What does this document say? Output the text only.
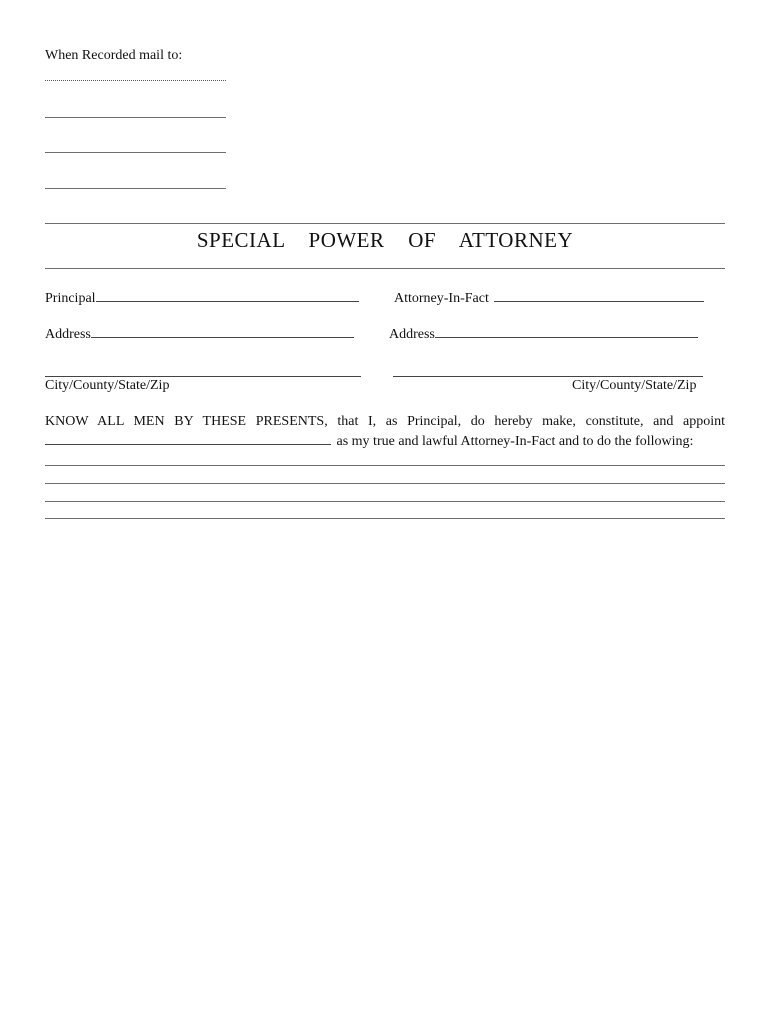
When Recorded mail to:
SPECIAL POWER OF ATTORNEY
Principal	Attorney-In-Fact
Address	Address
City/County/State/Zip	City/County/State/Zip
KNOW ALL MEN BY THESE PRESENTS, that I, as Principal, do hereby make, constitute, and appoint
as my true and lawful Attorney-In-Fact and to do the following:
